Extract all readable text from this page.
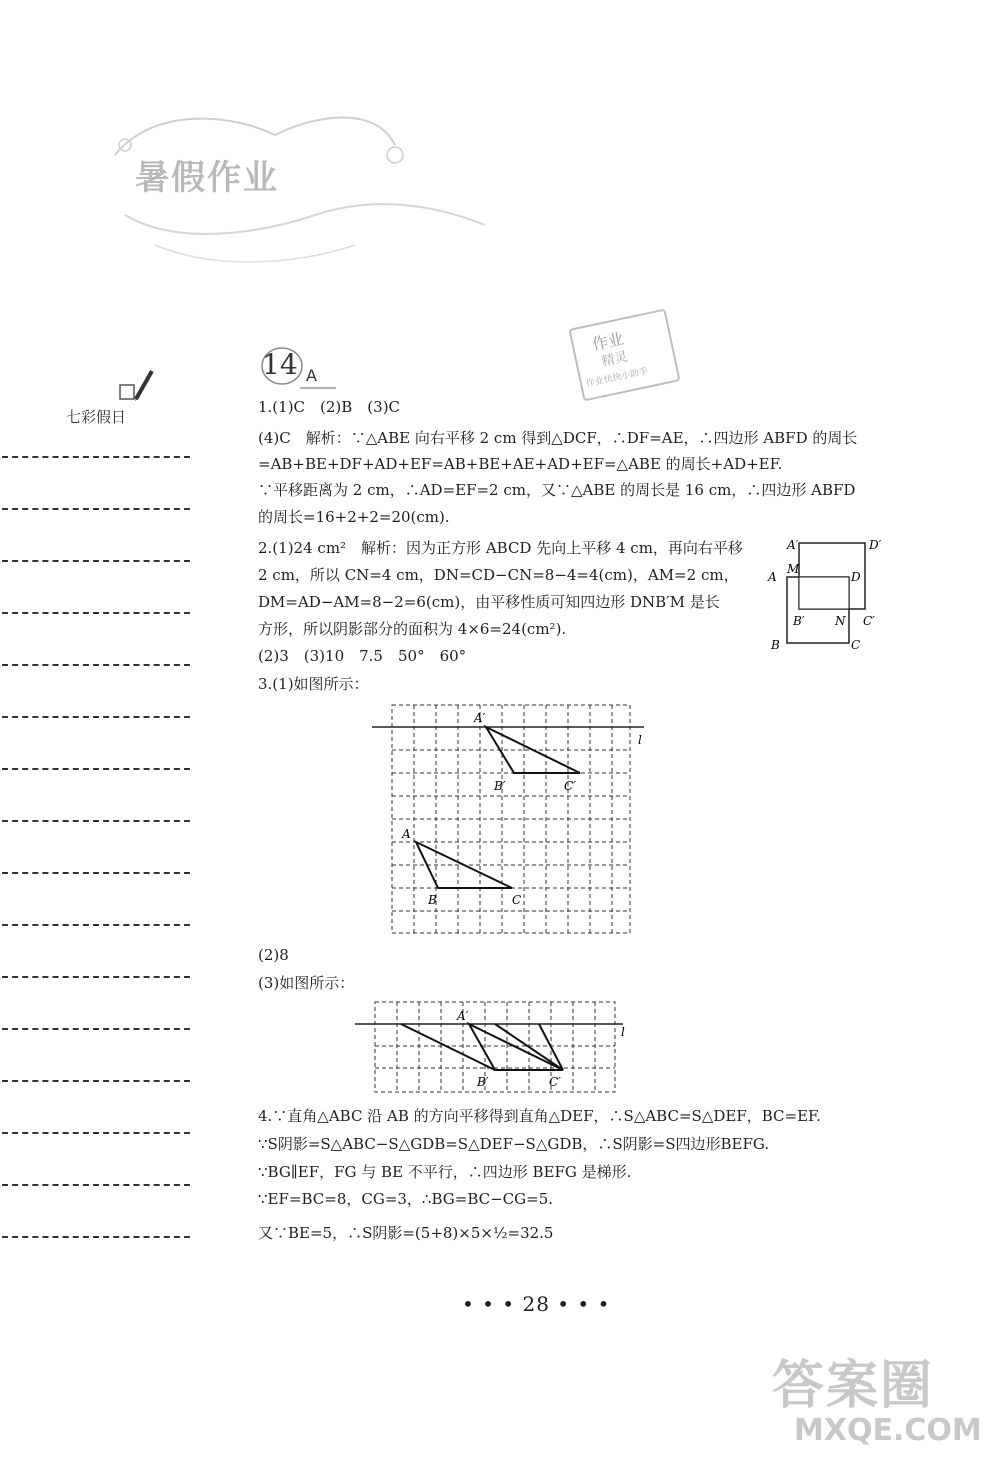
暑假作业
作业
精灵
作业快快小助手
七彩假日
14 A
1.(1)C　(2)B　(3)C
(4)C　解析：∵△ABE 向右平移 2 cm 得到△DCF，∴DF=AE，∴四边形 ABFD 的周长
=AB+BE+DF+AD+EF=AB+BE+AE+AD+EF=△ABE 的周长+AD+EF.
∵平移距离为 2 cm，∴AD=EF=2 cm，又∵△ABE 的周长是 16 cm，∴四边形 ABFD
的周长=16+2+2=20(cm).
2.(1)24 cm²　解析：因为正方形 ABCD 先向上平移 4 cm，再向右平移
2 cm，所以 CN=4 cm，DN=CD−CN=8−4=4(cm)，AM=2 cm，
DM=AD−AM=8−2=6(cm)，由平移性质可知四边形 DNB′M 是长
方形，所以阴影部分的面积为 4×6=24(cm²).
(2)3　(3)10　7.5　50°　60°
3.(1)如图所示：
(2)8
(3)如图所示：
4.∵直角△ABC 沿 AB 的方向平移得到直角△DEF，∴S△ABC=S△DEF，BC=EF.
∵S阴影=S△ABC−S△GDB=S△DEF−S△GDB，∴S阴影=S四边形BEFG.
∵BG∥EF，FG 与 BE 不平行，∴四边形 BEFG 是梯形.
∵EF=BC=8，CG=3，∴BG=BC−CG=5.
又∵BE=5，∴S阴影=(5+8)×5×½=32.5
A′	D′
A
M
D
B′	N C′
B	C
A′
l
B′	C′
A
B	C
A′
l
B′	C′
• • • 28 • • •
答案圈
MXQE.COM
